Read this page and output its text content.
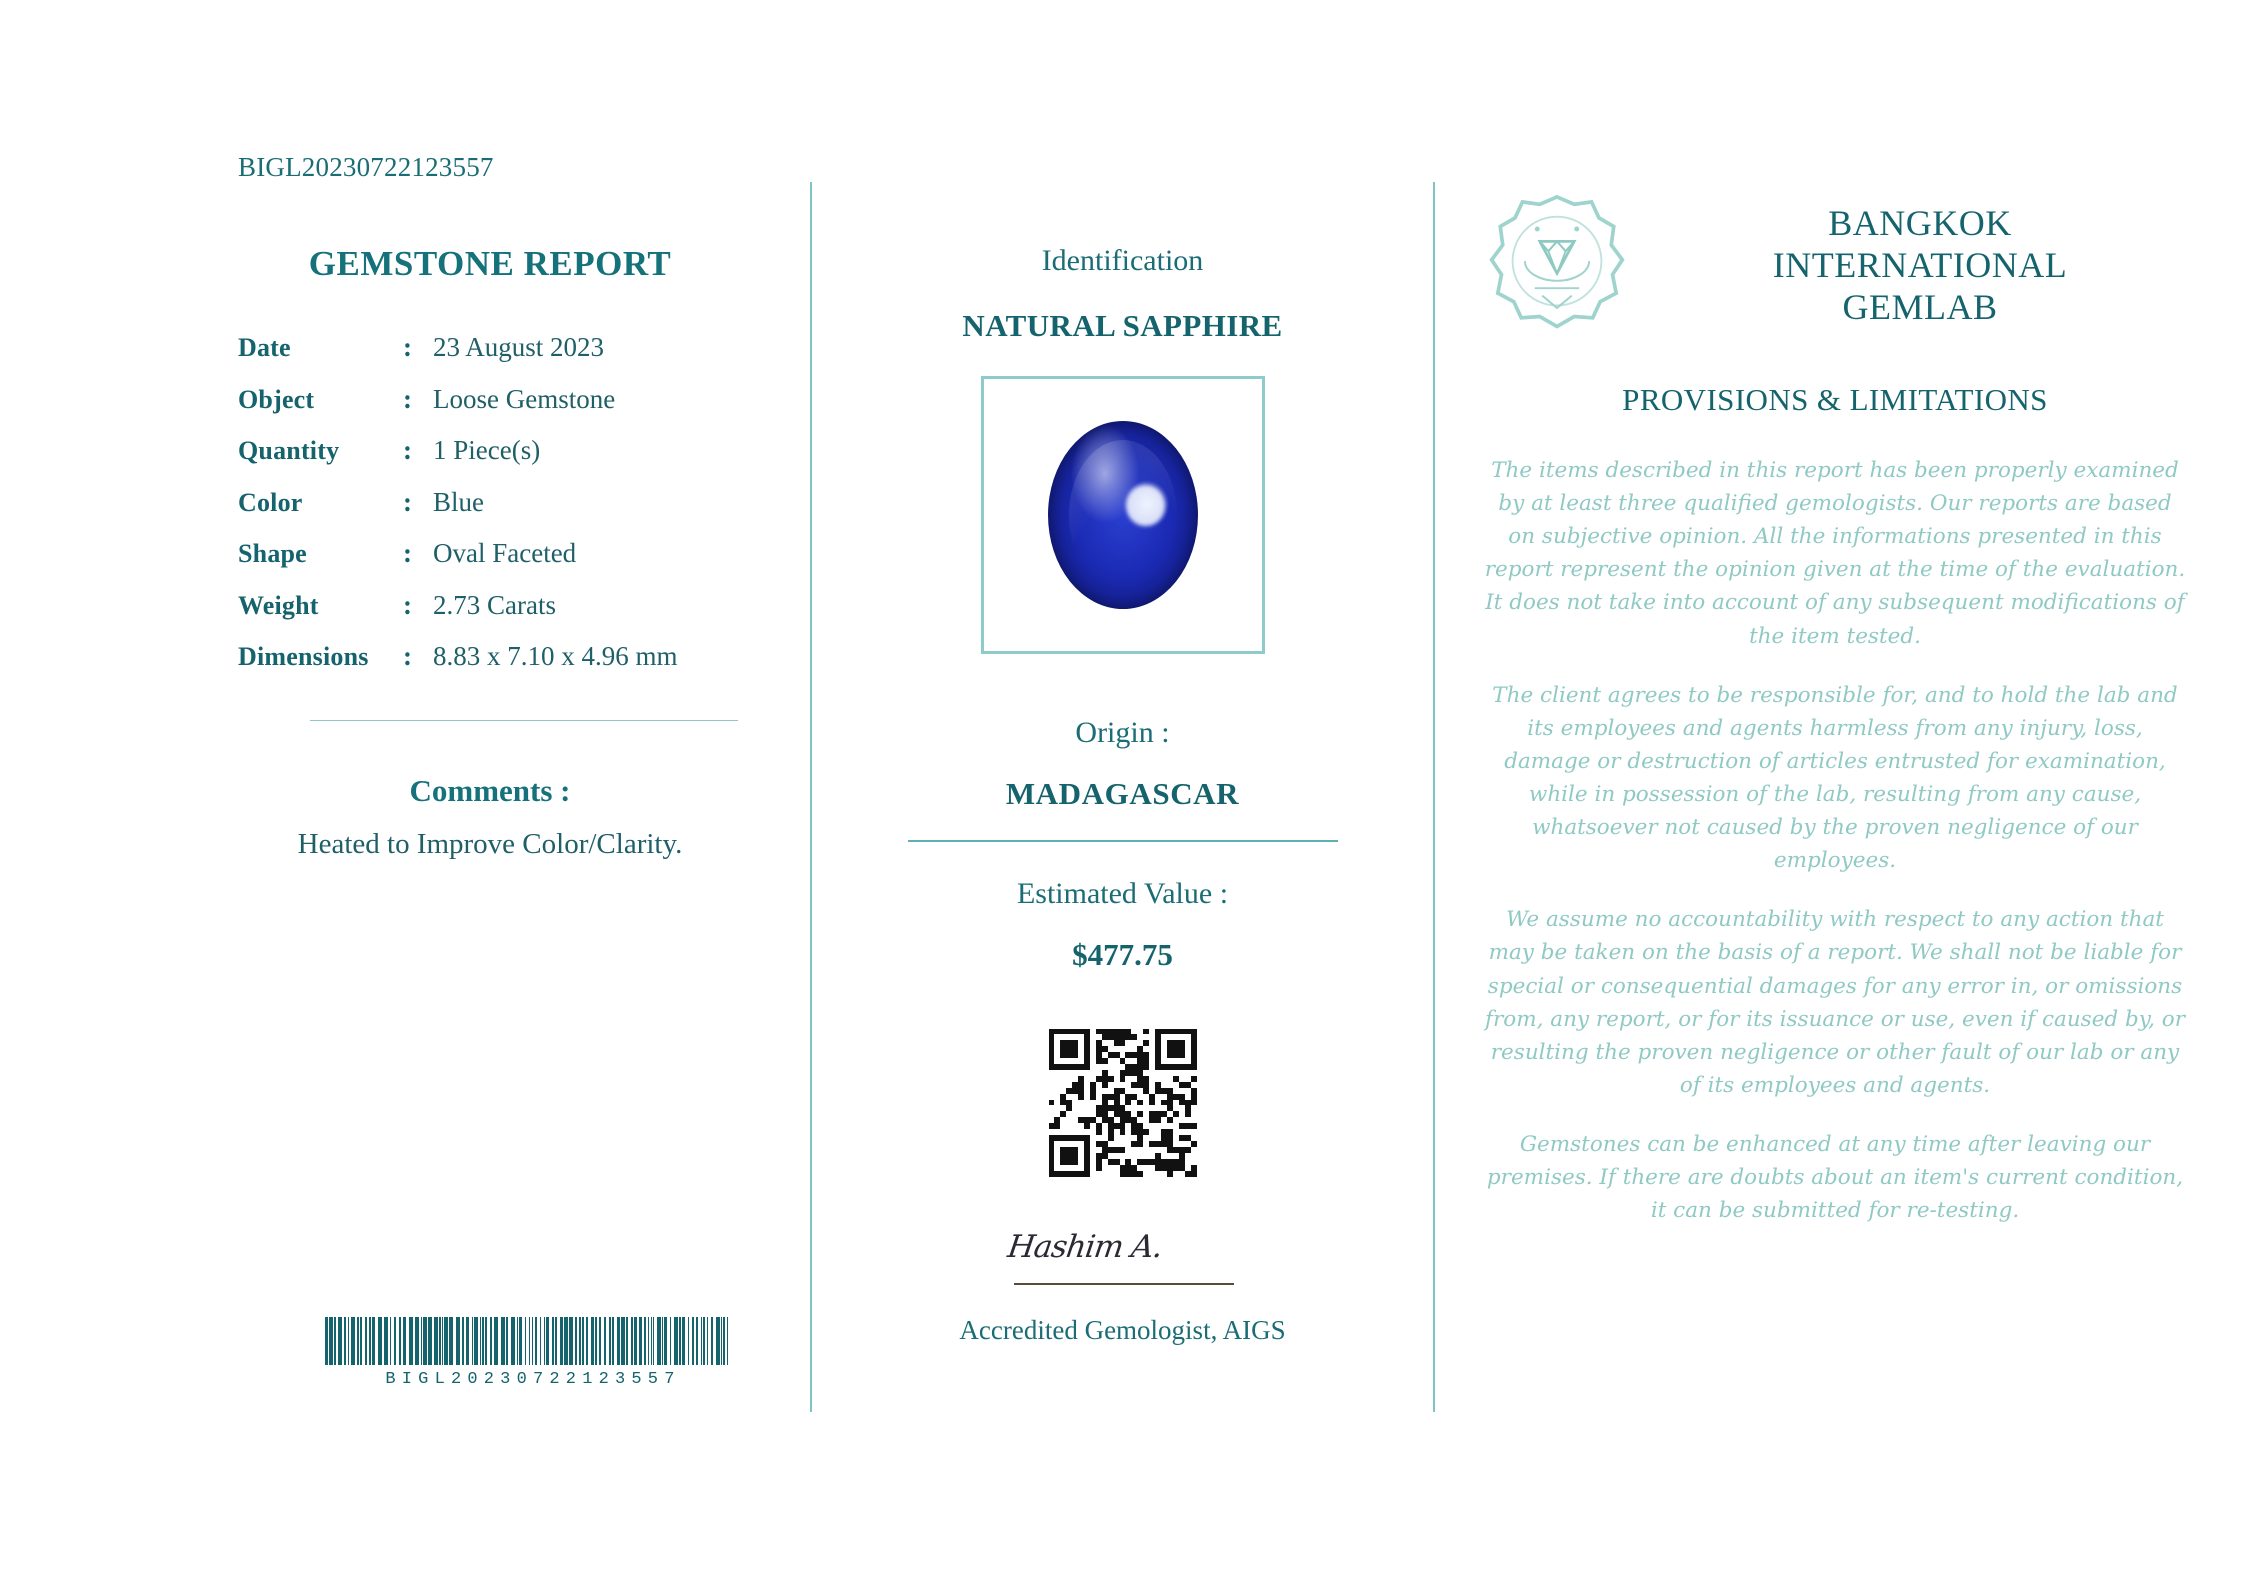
BIGL20230722123557
GEMSTONE REPORT
Date	: 23 August 2023
Object	: Loose Gemstone
Quantity	: 1 Piece(s)
Color	: Blue
Shape	: Oval Faceted
Weight	: 2.73 Carats
Dimensions	: 8.83 x 7.10 x 4.96 mm
Comments :
Heated to Improve Color/Clarity.
BIGL20230722123557
Identification
NATURAL SAPPHIRE
Origin :
MADAGASCAR
Estimated Value :
$477.75
Hashim A.
Accredited Gemologist, AIGS
BANGKOK
INTERNATIONAL
GEMLAB
PROVISIONS & LIMITATIONS

The items described in this report has been properly examined by at least three qualified gemologists. Our reports are based on subjective opinion. All the informations presented in this report represent the opinion given at the time of the evaluation. It does not take into account of any subsequent modifications of the item tested.

The client agrees to be responsible for, and to hold the lab and its employees and agents harmless from any injury, loss, damage or destruction of articles entrusted for examination, while in possession of the lab, resulting from any cause, whatsoever not caused by the proven negligence of our employees.

We assume no accountability with respect to any action that may be taken on the basis of a report. We shall not be liable for special or consequential damages for any error in, or omissions from, any report, or for its issuance or use, even if caused by, or resulting the proven negligence or other fault of our lab or any of its employees and agents.

Gemstones can be enhanced at any time after leaving our premises. If there are doubts about an item's current condition, it can be submitted for re-testing.
